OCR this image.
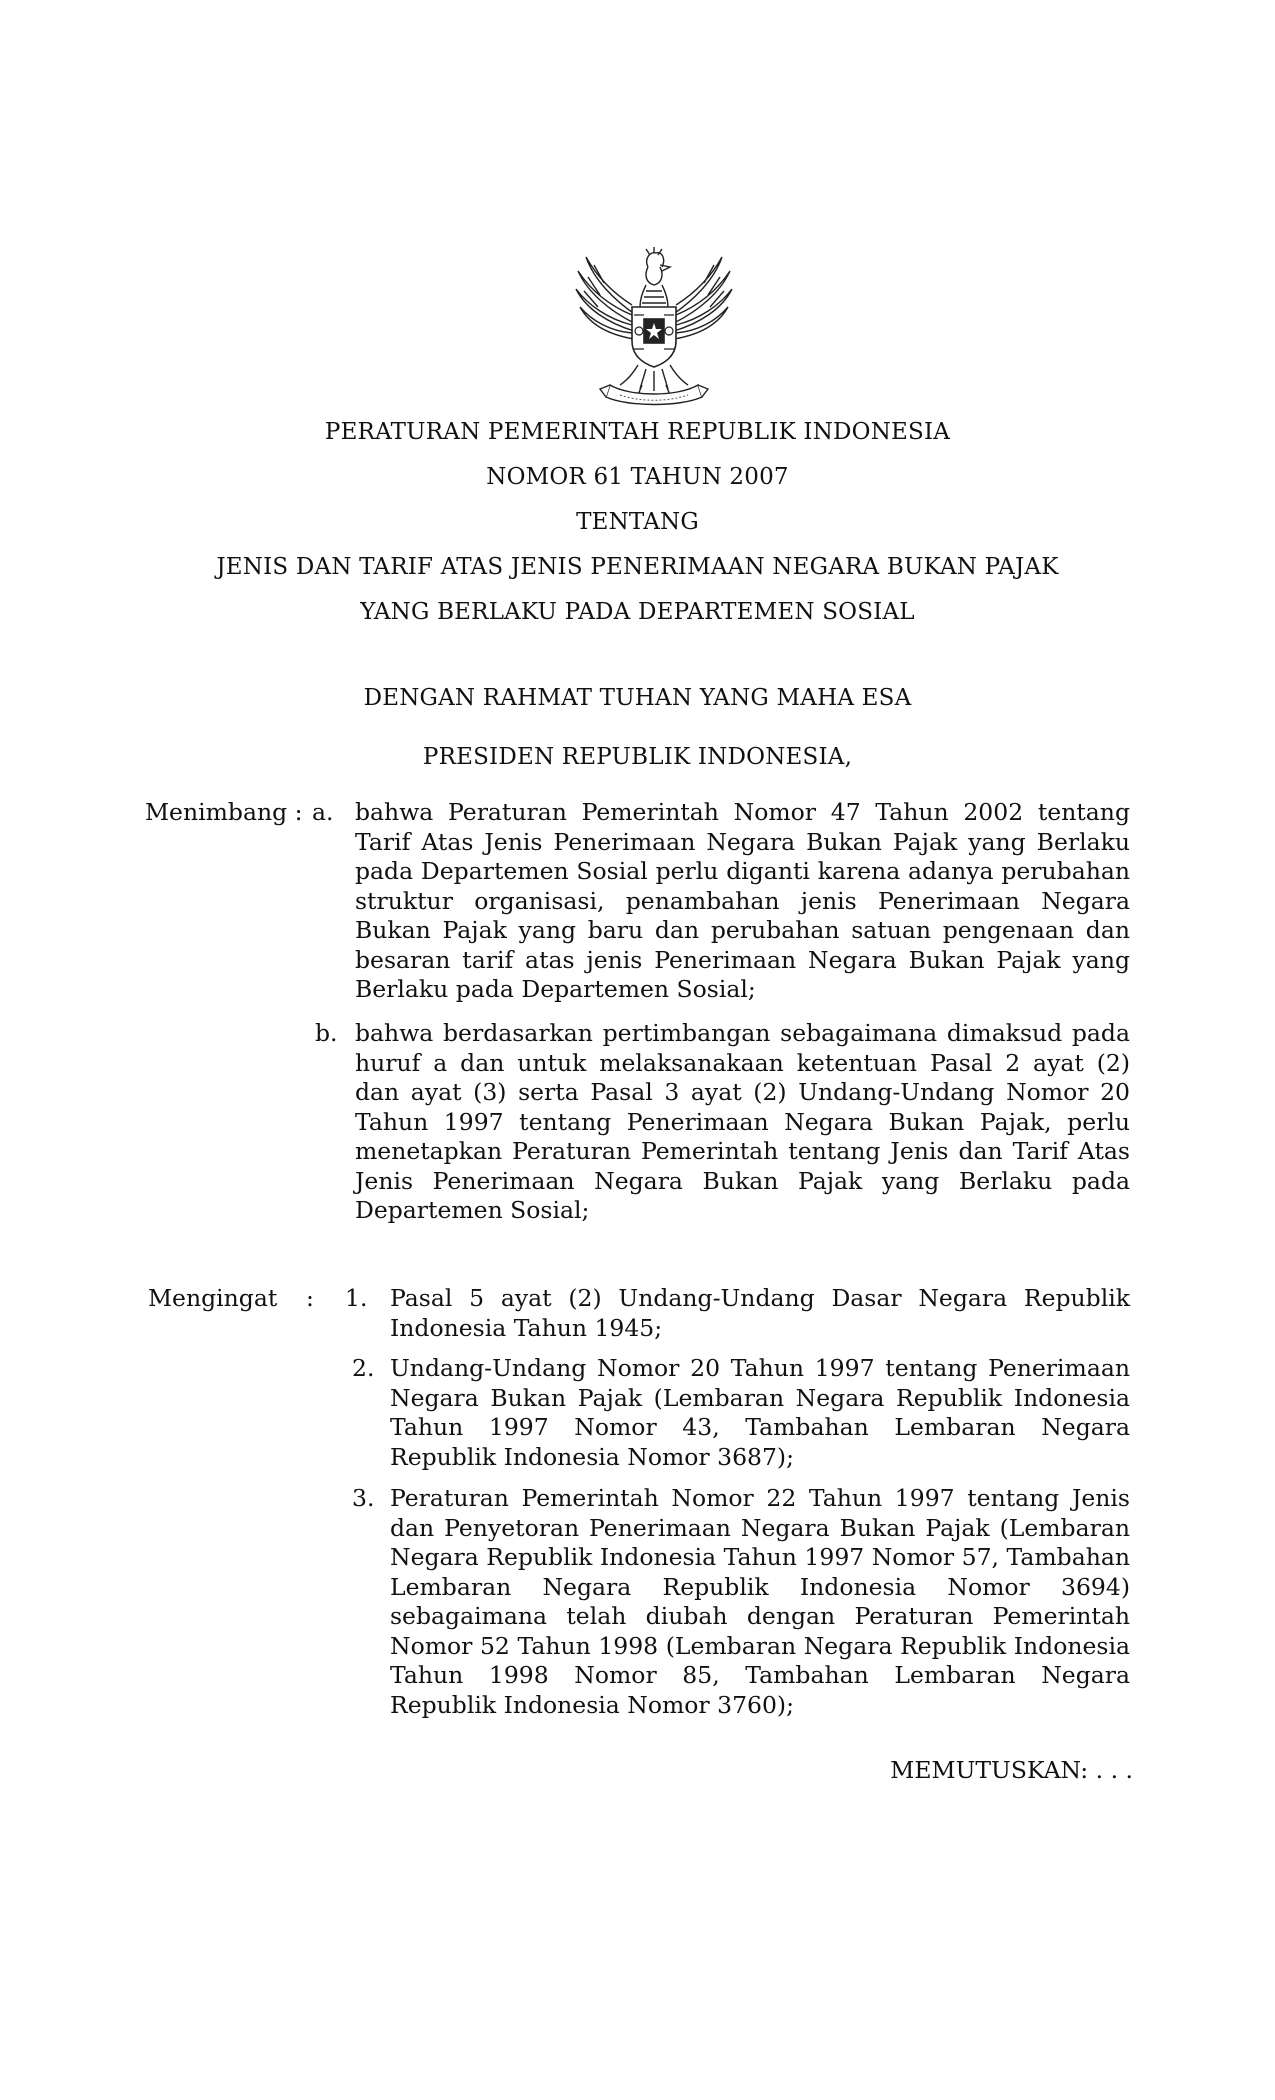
PERATURAN PEMERINTAH REPUBLIK INDONESIA
NOMOR 61 TAHUN 2007
TENTANG
JENIS DAN TARIF ATAS JENIS PENERIMAAN NEGARA BUKAN PAJAK
YANG BERLAKU PADA DEPARTEMEN SOSIAL
DENGAN RAHMAT TUHAN YANG MAHA ESA
PRESIDEN REPUBLIK INDONESIA,
Menimbang : a. bahwa Peraturan Pemerintah Nomor 47 Tahun 2002 tentang Tarif Atas Jenis Penerimaan Negara Bukan Pajak yang Berlaku pada Departemen Sosial perlu diganti karena adanya perubahan struktur organisasi, penambahan jenis Penerimaan Negara Bukan Pajak yang baru dan perubahan satuan pengenaan dan besaran tarif atas jenis Penerimaan Negara Bukan Pajak yang Berlaku pada Departemen Sosial;
b. bahwa berdasarkan pertimbangan sebagaimana dimaksud pada huruf a dan untuk melaksanakaan ketentuan Pasal 2 ayat (2) dan ayat (3) serta Pasal 3 ayat (2) Undang-Undang Nomor 20 Tahun 1997 tentang Penerimaan Negara Bukan Pajak, perlu menetapkan Peraturan Pemerintah tentang Jenis dan Tarif Atas Jenis Penerimaan Negara Bukan Pajak yang Berlaku pada Departemen Sosial;
Mengingat : 1. Pasal 5 ayat (2) Undang-Undang Dasar Negara Republik Indonesia Tahun 1945;
2. Undang-Undang Nomor 20 Tahun 1997 tentang Penerimaan Negara Bukan Pajak (Lembaran Negara Republik Indonesia Tahun 1997 Nomor 43, Tambahan Lembaran Negara Republik Indonesia Nomor 3687);
3. Peraturan Pemerintah Nomor 22 Tahun 1997 tentang Jenis dan Penyetoran Penerimaan Negara Bukan Pajak (Lembaran Negara Republik Indonesia Tahun 1997 Nomor 57, Tambahan Lembaran Negara Republik Indonesia Nomor 3694) sebagaimana telah diubah dengan Peraturan Pemerintah Nomor 52 Tahun 1998 (Lembaran Negara Republik Indonesia Tahun 1998 Nomor 85, Tambahan Lembaran Negara Republik Indonesia Nomor 3760);
MEMUTUSKAN: . . .
